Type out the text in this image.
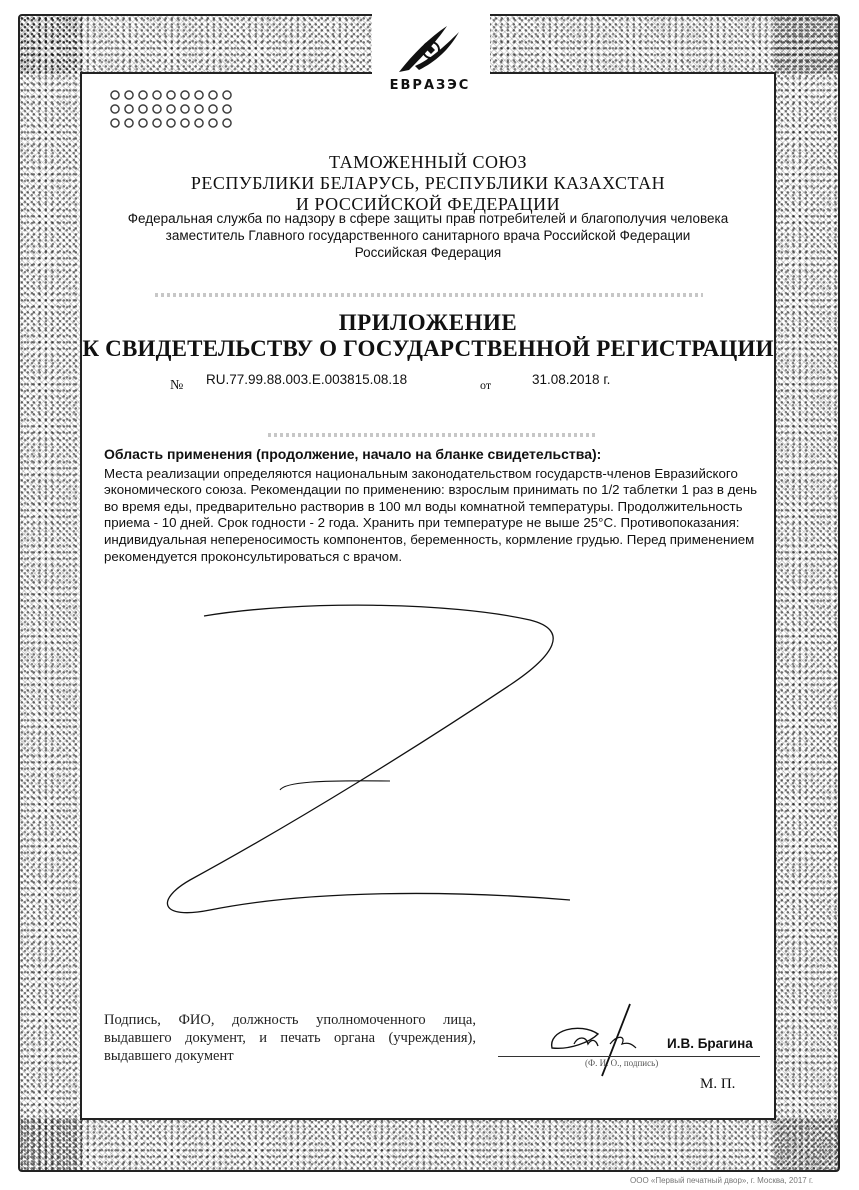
ЕВРАЗЭС
ТАМОЖЕННЫЙ СОЮЗ
РЕСПУБЛИКИ БЕЛАРУСЬ, РЕСПУБЛИКИ КАЗАХСТАН
И РОССИЙСКОЙ ФЕДЕРАЦИИ
Федеральная служба по надзору в сфере защиты прав потребителей и благополучия человека
заместитель Главного государственного санитарного врача Российской Федерации
Российская Федерация
ПРИЛОЖЕНИЕ
К СВИДЕТЕЛЬСТВУ О ГОСУДАРСТВЕННОЙ РЕГИСТРАЦИИ
№ RU.77.99.88.003.E.003815.08.18	от	31.08.2018 г.
Область применения (продолжение, начало на бланке свидетельства):
Места реализации определяются национальным законодательством государств-членов Евразийского экономического союза. Рекомендации по применению: взрослым принимать по 1/2 таблетки 1 раз в день во время еды, предварительно растворив в 100 мл воды комнатной температуры. Продолжительность приема - 10 дней. Срок годности - 2 года. Хранить при температуре не выше 25°С. Противопоказания: индивидуальная непереносимость компонентов, беременность, кормление грудью. Перед применением рекомендуется проконсультироваться с врачом.
Подпись, ФИО, должность уполномоченного лица, выдавшего документ, и печать органа (учреждения), выдавшего документ
И.В. Брагина
(Ф. И. О., подпись)
М. П.
ООО «Первый печатный двор», г. Москва, 2017 г.
